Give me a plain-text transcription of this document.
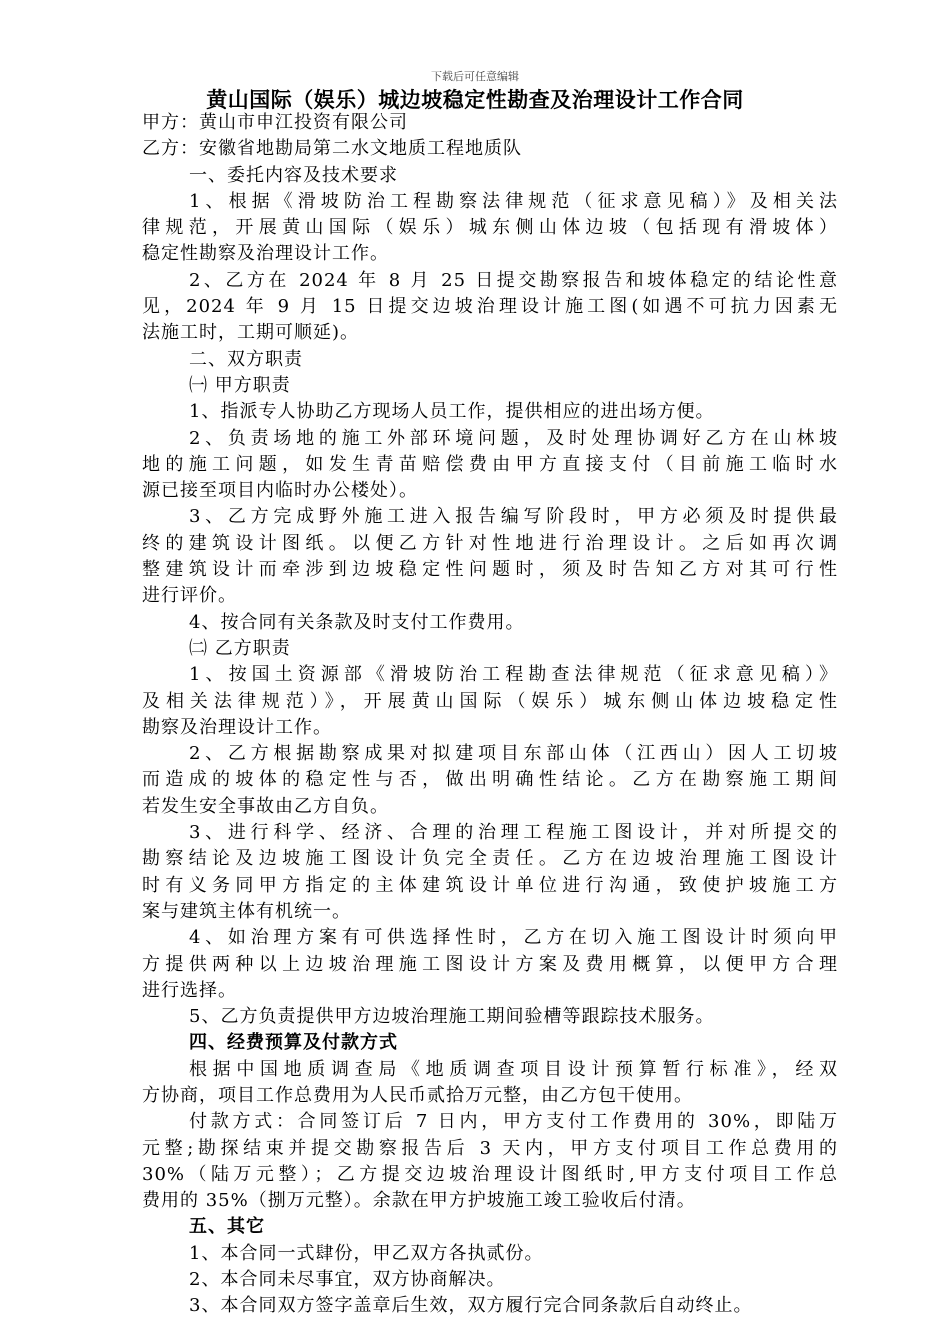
下载后可任意编辑
黄山国际（娱乐）城边坡稳定性勘查及治理设计工作合同
甲方：黄山市申江投资有限公司
乙方：安徽省地勘局第二水文地质工程地质队
一、委托内容及技术要求
1、根据《滑坡防治工程勘察法律规范（征求意见稿）》及相关法
律规范，开展黄山国际（娱乐）城东侧山体边坡（包括现有滑坡体）
稳定性勘察及治理设计工作。
2、乙方在 2024 年 8 月 25 日提交勘察报告和坡体稳定的结论性意
见，2024 年 9 月 15 日提交边坡治理设计施工图(如遇不可抗力因素无
法施工时，工期可顺延)。
二、双方职责
㈠ 甲方职责
1、指派专人协助乙方现场人员工作，提供相应的进出场方便。
2、负责场地的施工外部环境问题，及时处理协调好乙方在山林坡
地的施工问题，如发生青苗赔偿费由甲方直接支付（目前施工临时水
源已接至项目内临时办公楼处）。
3、乙方完成野外施工进入报告编写阶段时，甲方必须及时提供最
终的建筑设计图纸。以便乙方针对性地进行治理设计。之后如再次调
整建筑设计而牵涉到边坡稳定性问题时，须及时告知乙方对其可行性
进行评价。
4、按合同有关条款及时支付工作费用。
㈡ 乙方职责
1、按国土资源部《滑坡防治工程勘查法律规范（征求意见稿）》
及相关法律规范）》，开展黄山国际（娱乐）城东侧山体边坡稳定性
勘察及治理设计工作。
2、乙方根据勘察成果对拟建项目东部山体（江西山）因人工切坡
而造成的坡体的稳定性与否，做出明确性结论。乙方在勘察施工期间
若发生安全事故由乙方自负。
3、进行科学、经济、合理的治理工程施工图设计，并对所提交的
勘察结论及边坡施工图设计负完全责任。乙方在边坡治理施工图设计
时有义务同甲方指定的主体建筑设计单位进行沟通，致使护坡施工方
案与建筑主体有机统一。
4、如治理方案有可供选择性时，乙方在切入施工图设计时须向甲
方提供两种以上边坡治理施工图设计方案及费用概算，以便甲方合理
进行选择。
5、乙方负责提供甲方边坡治理施工期间验槽等跟踪技术服务。
四、经费预算及付款方式
根据中国地质调查局《地质调查项目设计预算暂行标准》，经双
方协商，项目工作总费用为人民币贰拾万元整，由乙方包干使用。
付款方式：合同签订后 7 日内，甲方支付工作费用的 30%，即陆万
元整;勘探结束并提交勘察报告后 3 天内，甲方支付项目工作总费用的
30%（陆万元整）；乙方提交边坡治理设计图纸时,甲方支付项目工作总
费用的 35%（捌万元整）。余款在甲方护坡施工竣工验收后付清。
五、其它
1、本合同一式肆份，甲乙双方各执贰份。
2、本合同未尽事宜，双方协商解决。
3、本合同双方签字盖章后生效，双方履行完合同条款后自动终止。
